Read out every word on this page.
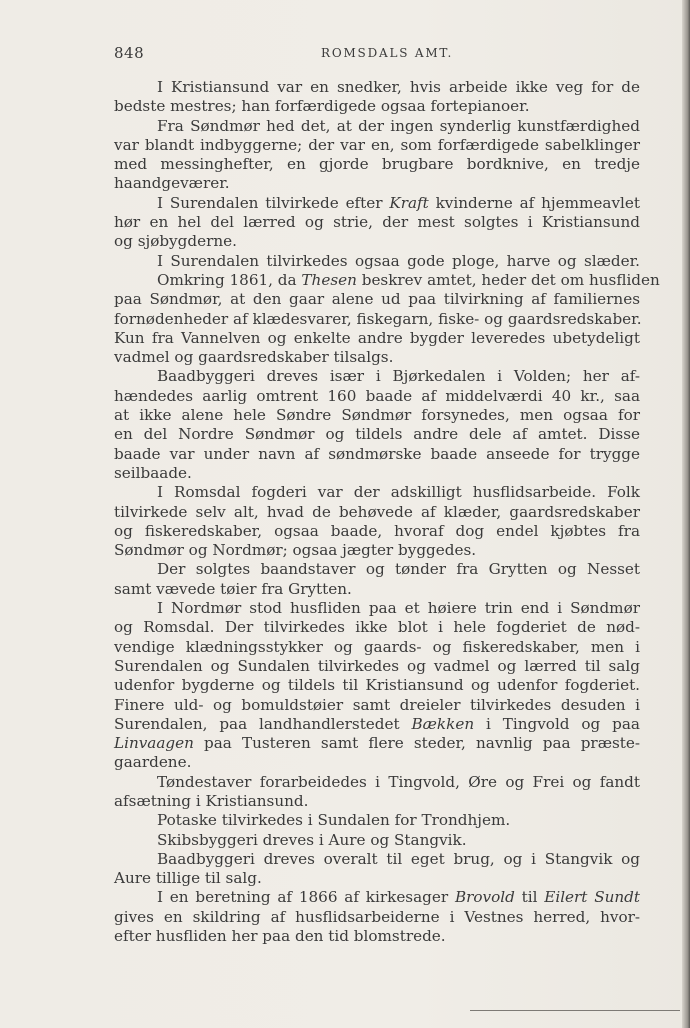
848	ROMSDALS AMT.
I Kristiansund var en snedker, hvis arbeide ikke veg for de
bedste mestres; han forfærdigede ogsaa fortepianoer.
Fra Søndmør hed det, at der ingen synderlig kunstfærdighed
var blandt indbyggerne; der var en, som forfærdigede sabelklinger
med messinghefter, en gjorde brugbare bordknive, en tredje
haandgeværer.
I Surendalen tilvirkede efter Kraft kvinderne af hjemmeavlet
hør en hel del lærred og strie, der mest solgtes i Kristiansund
og sjøbygderne.
I Surendalen tilvirkedes ogsaa gode ploge, harve og slæder.
Omkring 1861, da Thesen beskrev amtet, heder det om husfliden
paa Søndmør, at den gaar alene ud paa tilvirkning af familiernes
fornødenheder af klædesvarer, fiskegarn, fiske- og gaardsredskaber.
Kun fra Vannelven og enkelte andre bygder leveredes ubetydeligt
vadmel og gaardsredskaber tilsalgs.
Baadbyggeri dreves især i Bjørkedalen i Volden; her af-
hændedes aarlig omtrent 160 baade af middelværdi 40 kr., saa
at ikke alene hele Søndre Søndmør forsynedes, men ogsaa for
en del Nordre Søndmør og tildels andre dele af amtet. Disse
baade var under navn af søndmørske baade anseede for trygge
seilbaade.
I Romsdal fogderi var der adskilligt husflidsarbeide. Folk
tilvirkede selv alt, hvad de behøvede af klæder, gaardsredskaber
og fiskeredskaber, ogsaa baade, hvoraf dog endel kjøbtes fra
Søndmør og Nordmør; ogsaa jægter byggedes.
Der solgtes baandstaver og tønder fra Grytten og Nesset
samt vævede tøier fra Grytten.
I Nordmør stod husfliden paa et høiere trin end i Søndmør
og Romsdal. Der tilvirkedes ikke blot i hele fogderiet de nød-
vendige klædningsstykker og gaards- og fiskeredskaber, men i
Surendalen og Sundalen tilvirkedes og vadmel og lærred til salg
udenfor bygderne og tildels til Kristiansund og udenfor fogderiet.
Finere uld- og bomuldstøier samt dreieler tilvirkedes desuden i
Surendalen, paa landhandlerstedet Bækken i Tingvold og paa
Linvaagen paa Tusteren samt flere steder, navnlig paa præste-
gaardene.
Tøndestaver forarbeidedes i Tingvold, Øre og Frei og fandt
afsætning i Kristiansund.
Potaske tilvirkedes i Sundalen for Trondhjem.
Skibsbyggeri dreves i Aure og Stangvik.
Baadbyggeri dreves overalt til eget brug, og i Stangvik og
Aure tillige til salg.
I en beretning af 1866 af kirkesager Brovold til Eilert Sundt
gives en skildring af husflidsarbeiderne i Vestnes herred, hvor-
efter husfliden her paa den tid blomstrede.
